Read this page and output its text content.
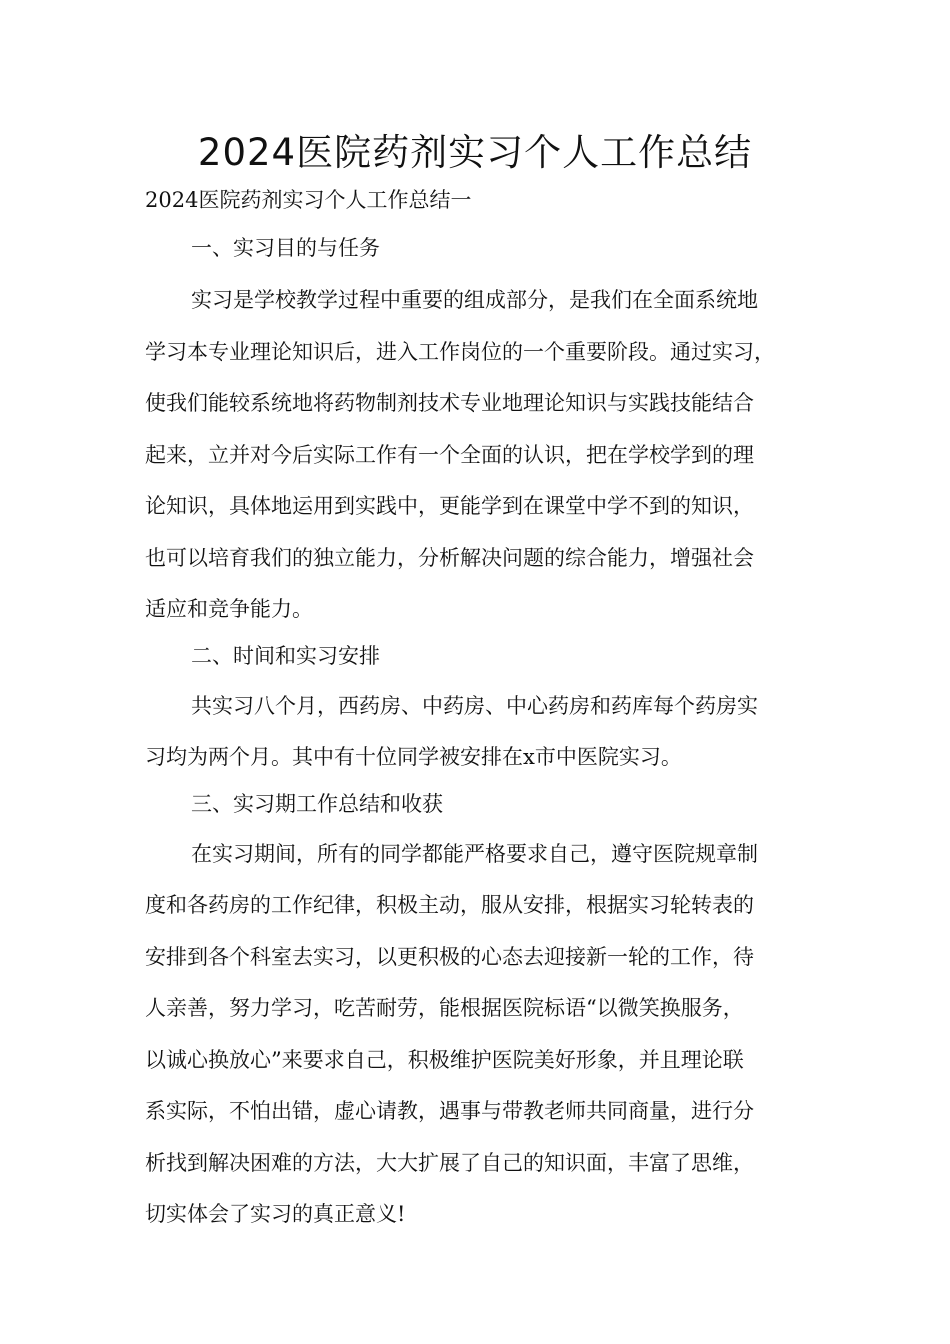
2024医院药剂实习个人工作总结

2024医院药剂实习个人工作总结一

一、实习目的与任务

实习是学校教学过程中重要的组成部分，是我们在全面系统地
学习本专业理论知识后，进入工作岗位的一个重要阶段。通过实习，
使我们能较系统地将药物制剂技术专业地理论知识与实践技能结合
起来，立并对今后实际工作有一个全面的认识，把在学校学到的理
论知识，具体地运用到实践中，更能学到在课堂中学不到的知识，
也可以培育我们的独立能力，分析解决问题的综合能力，增强社会
适应和竞争能力。

二、时间和实习安排

共实习八个月，西药房、中药房、中心药房和药库每个药房实
习均为两个月。其中有十位同学被安排在x市中医院实习。

三、实习期工作总结和收获

在实习期间，所有的同学都能严格要求自己，遵守医院规章制
度和各药房的工作纪律，积极主动，服从安排，根据实习轮转表的
安排到各个科室去实习，以更积极的心态去迎接新一轮的工作，待
人亲善，努力学习，吃苦耐劳，能根据医院标语“以微笑换服务，
以诚心换放心”来要求自己，积极维护医院美好形象，并且理论联
系实际，不怕出错，虚心请教，遇事与带教老师共同商量，进行分
析找到解决困难的方法，大大扩展了自己的知识面，丰富了思维，
切实体会了实习的真正意义!
